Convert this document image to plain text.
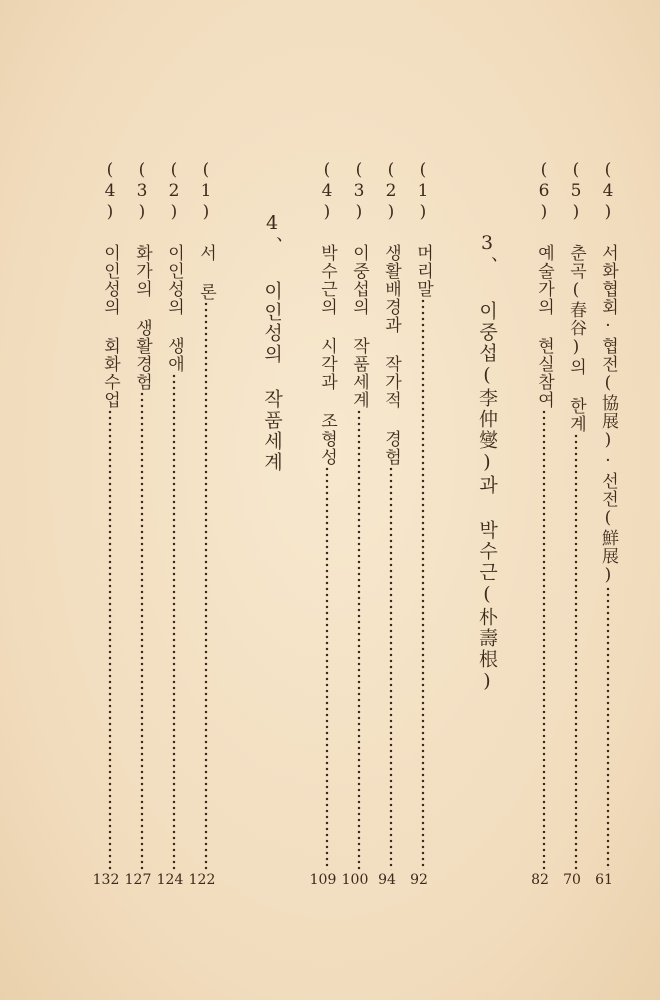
(4) 서화협회·협전(協展)·선전(鮮展)
61
(5) 춘곡(春谷)의 한계
70
(6) 예술가의 현실참여
82
3、 이중섭(李仲燮)과 박수근(朴壽根)
(1) 머리말
92
(2) 생활배경과 작가적 경험
94
(3) 이중섭의 작품세계
100
(4) 박수근의 시각과 조형성
109
4、 이인성의 작품세계
(1) 서 론
122
(2) 이인성의 생애
124
(3) 화가의 생활경험
127
(4) 이인성의 회화수업
132
